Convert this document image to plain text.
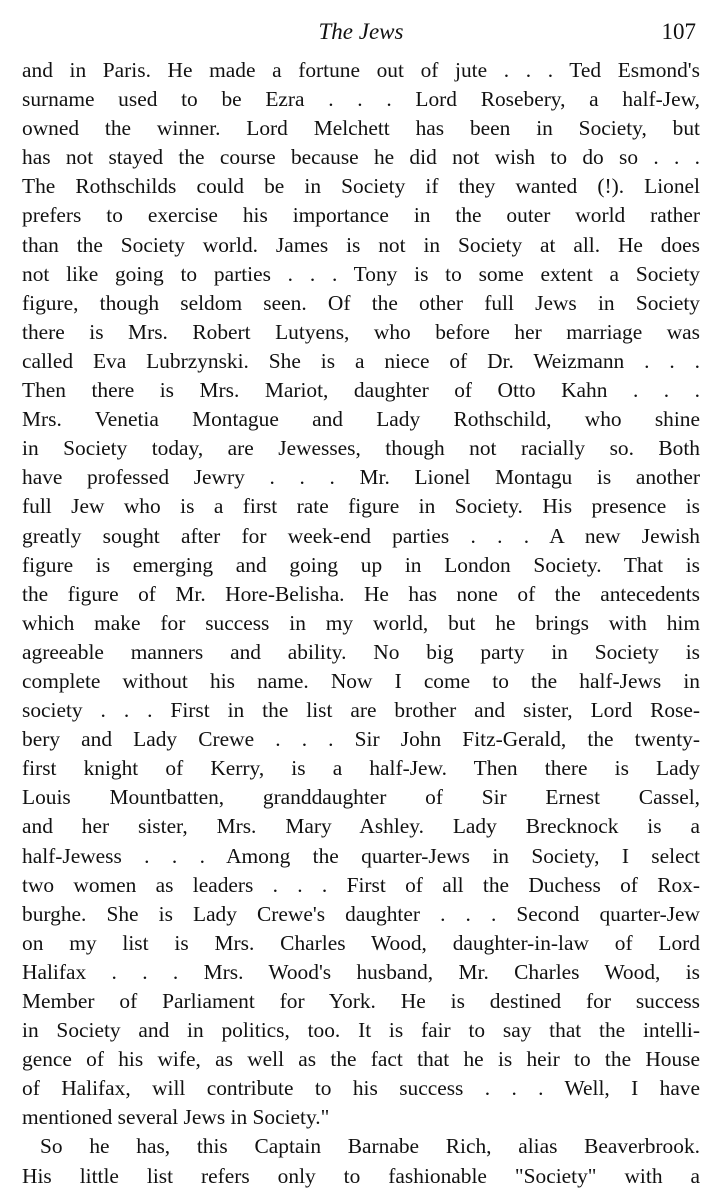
The Jews	107
and in Paris. He made a fortune out of jute . . . Ted Esmond's
surname used to be Ezra . . . Lord Rosebery, a half-Jew,
owned the winner. Lord Melchett has been in Society, but
has not stayed the course because he did not wish to do so . . .
The Rothschilds could be in Society if they wanted (!). Lionel
prefers to exercise his importance in the outer world rather
than the Society world. James is not in Society at all. He does
not like going to parties . . . Tony is to some extent a Society
figure, though seldom seen. Of the other full Jews in Society
there is Mrs. Robert Lutyens, who before her marriage was
called Eva Lubrzynski. She is a niece of Dr. Weizmann . . .
Then there is Mrs. Mariot, daughter of Otto Kahn . . .
Mrs. Venetia Montague and Lady Rothschild, who shine
in Society today, are Jewesses, though not racially so. Both
have professed Jewry . . . Mr. Lionel Montagu is another
full Jew who is a first rate figure in Society. His presence is
greatly sought after for week-end parties . . . A new Jewish
figure is emerging and going up in London Society. That is
the figure of Mr. Hore-Belisha. He has none of the antecedents
which make for success in my world, but he brings with him
agreeable manners and ability. No big party in Society is
complete without his name. Now I come to the half-Jews in
society . . . First in the list are brother and sister, Lord Rose-
bery and Lady Crewe . . . Sir John Fitz-Gerald, the twenty-
first knight of Kerry, is a half-Jew. Then there is Lady
Louis Mountbatten, granddaughter of Sir Ernest Cassel,
and her sister, Mrs. Mary Ashley. Lady Brecknock is a
half-Jewess . . . Among the quarter-Jews in Society, I select
two women as leaders . . . First of all the Duchess of Rox-
burghe. She is Lady Crewe's daughter . . . Second quarter-Jew
on my list is Mrs. Charles Wood, daughter-in-law of Lord
Halifax . . . Mrs. Wood's husband, Mr. Charles Wood, is
Member of Parliament for York. He is destined for success
in Society and in politics, too. It is fair to say that the intelli-
gence of his wife, as well as the fact that he is heir to the House
of Halifax, will contribute to his success . . . Well, I have
mentioned several Jews in Society."
So he has, this Captain Barnabe Rich, alias Beaverbrook.
His little list refers only to fashionable "Society" with a
